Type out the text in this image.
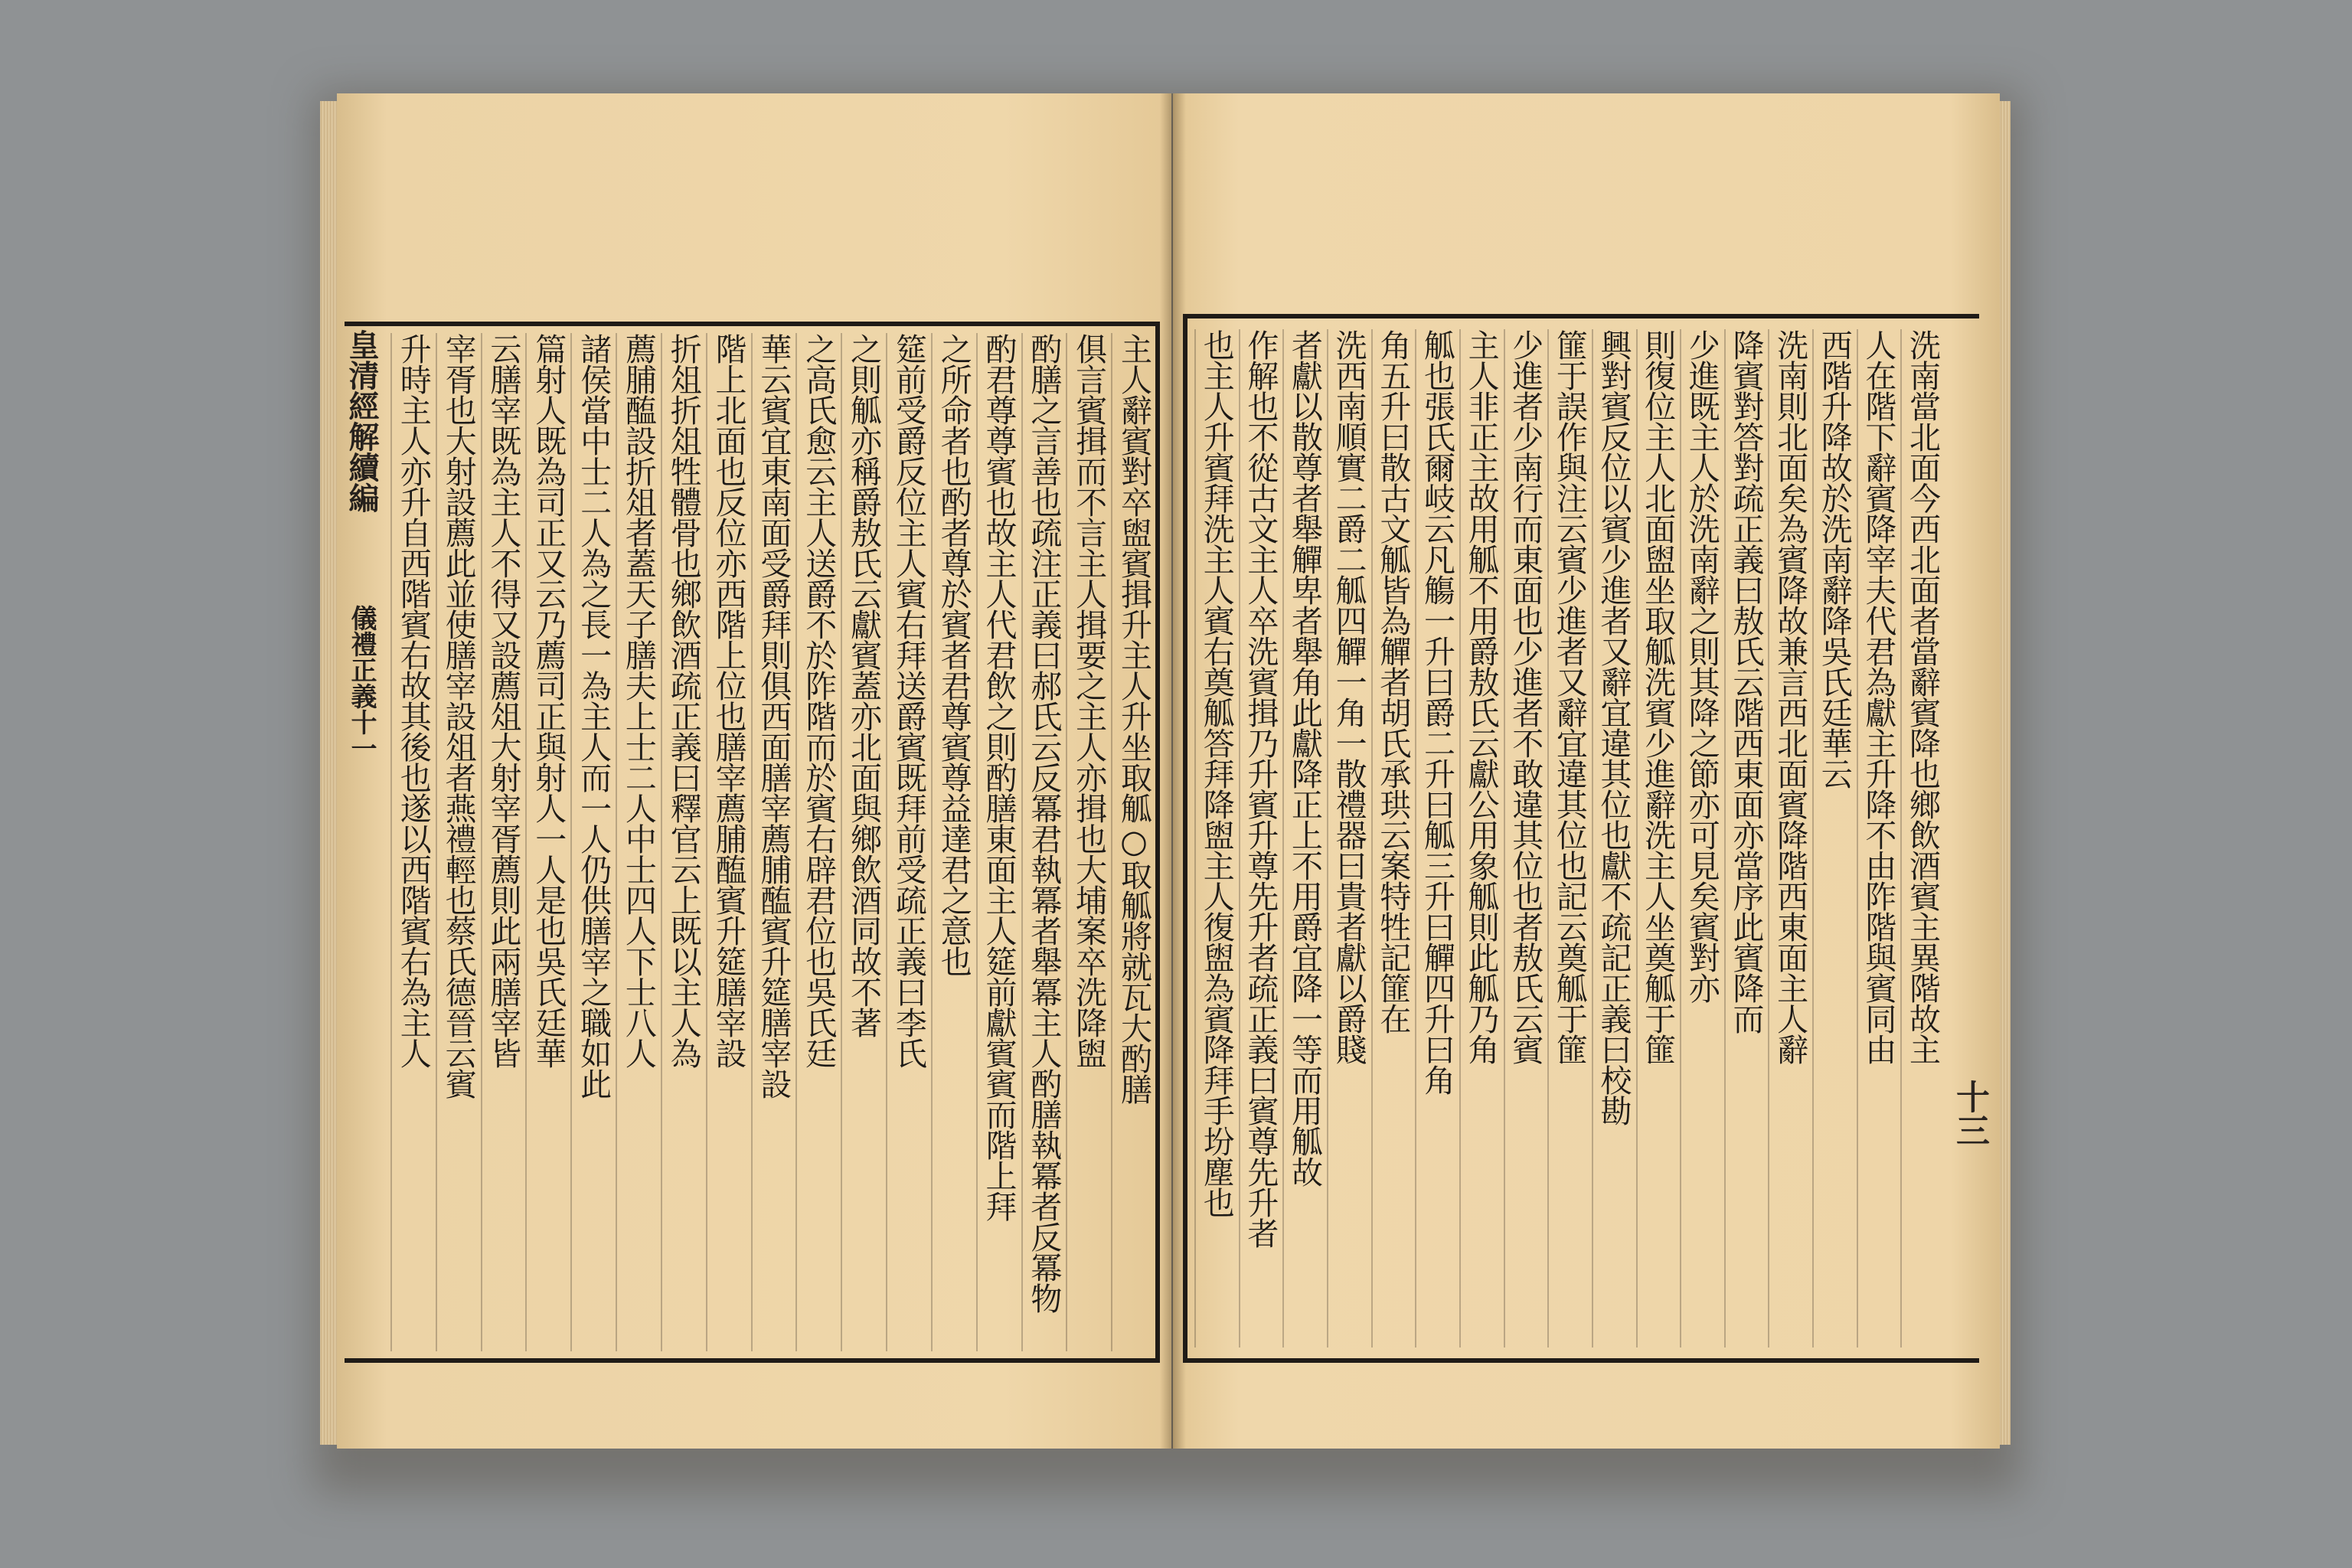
皇清經解續編
儀禮正義十一	主人辭賓對卒盥賓揖升主人升坐取觚○取觚將就瓦大酌膳
俱言賓揖而不言主人揖要之主人亦揖也大埔案卒洗降盥
酌膳之言善也疏注正義曰郝氏云反冪君執冪者舉冪主人酌膳執冪者反冪物
酌君尊尊賓也故主人代君飲之則酌膳東面主人筵前獻賓賓而階上拜
之所命者也酌者尊於賓者君尊賓尊益達君之意也
筵前受爵反位主人賓右拜送爵賓既拜前受疏正義曰李氏
之則觚亦稱爵敖氏云獻賓蓋亦北面與鄉飲酒同故不著
之高氏愈云主人送爵不於阼階而於賓右辟君位也吳氏廷
華云賓宜東南面受爵拜則俱西面膳宰薦脯醢賓升筵膳宰設
階上北面也反位亦西階上位也膳宰薦脯醢賓升筵膳宰設
折俎折俎牲體骨也鄉飲酒疏正義曰釋官云上既以主人為
薦脯醢設折俎者蓋天子膳夫上士二人中士四人下士八人
諸侯當中士二人為之長一為主人而一人仍供膳宰之職如此
篇射人既為司正又云乃薦司正與射人一人是也吳氏廷華
云膳宰既為主人不得又設薦俎大射宰胥薦則此兩膳宰皆
宰胥也大射設薦此並使膳宰設俎者燕禮輕也蔡氏德晉云賓
升時主人亦升自西階賓右故其後也遂以西階賓右為主人
十三
洗南當北面今西北面者當辭賓降也鄉飲酒賓主異階故主
人在階下辭賓降宰夫代君為獻主升降不由阼階與賓同由
西階升降故於洗南辭降吳氏廷華云
洗南則北面矣為賓降故兼言西北面賓降階西東面主人辭
降賓對答對疏正義曰敖氏云階西東面亦當序此賓降而
少進既主人於洗南辭之則其降之節亦可見矣賓對亦
則復位主人北面盥坐取觚洗賓少進辭洗主人坐奠觚于篚
興對賓反位以賓少進者又辭宜違其位也獻不疏記正義曰校勘
篚于誤作與注云賓少進者又辭宜違其位也記云奠觚于篚
少進者少南行而東面也少進者不敢違其位也者敖氏云賓
主人非正主故用觚不用爵敖氏云獻公用象觚則此觚乃角
觚也張氏爾岐云凡觴一升曰爵二升曰觚三升曰觶四升曰角
角五升曰散古文觚皆為觶者胡氏承珙云案特牲記篚在
洗西南順實二爵二觚四觶一角一散禮器曰貴者獻以爵賤
者獻以散尊者舉觶卑者舉角此獻降正上不用爵宜降一等而用觚故
作解也不從古文主人卒洗賓揖乃升賓升尊先升者疏正義曰賓尊先升者
也主人升賓拜洗主人賓右奠觚答拜降盥主人復盥為賓降拜手坋塵也
